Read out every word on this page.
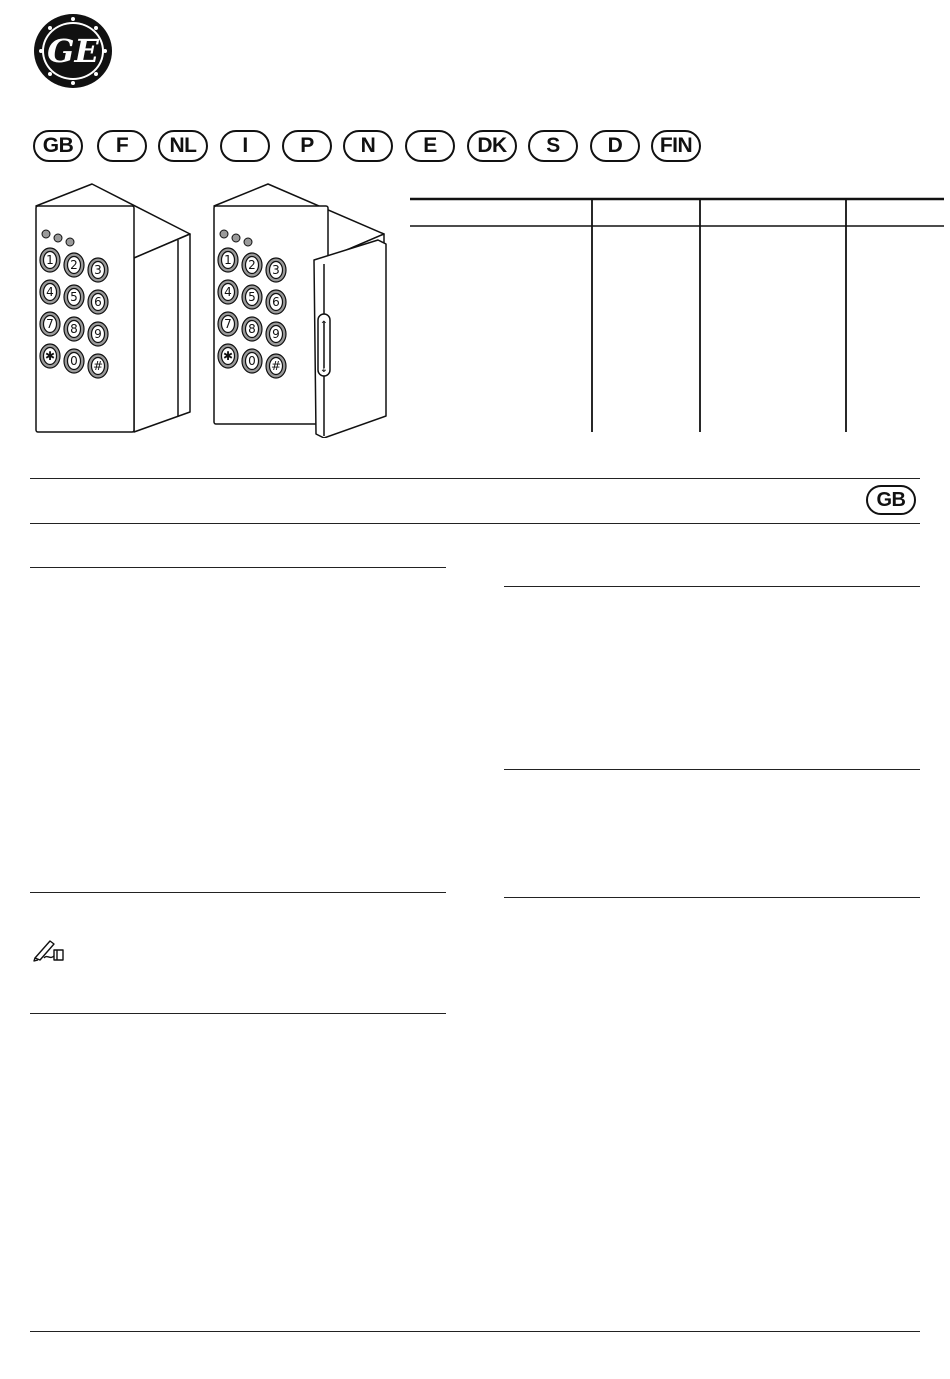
GE
GB	F	NL	I	P	N	E	DK	S	D	FIN
1 2 3
4 5 6
7 8 9
✱ 0 #
1 2 3
4 5 6
7 8 9
✱ 0 #
↑
↓
GB
